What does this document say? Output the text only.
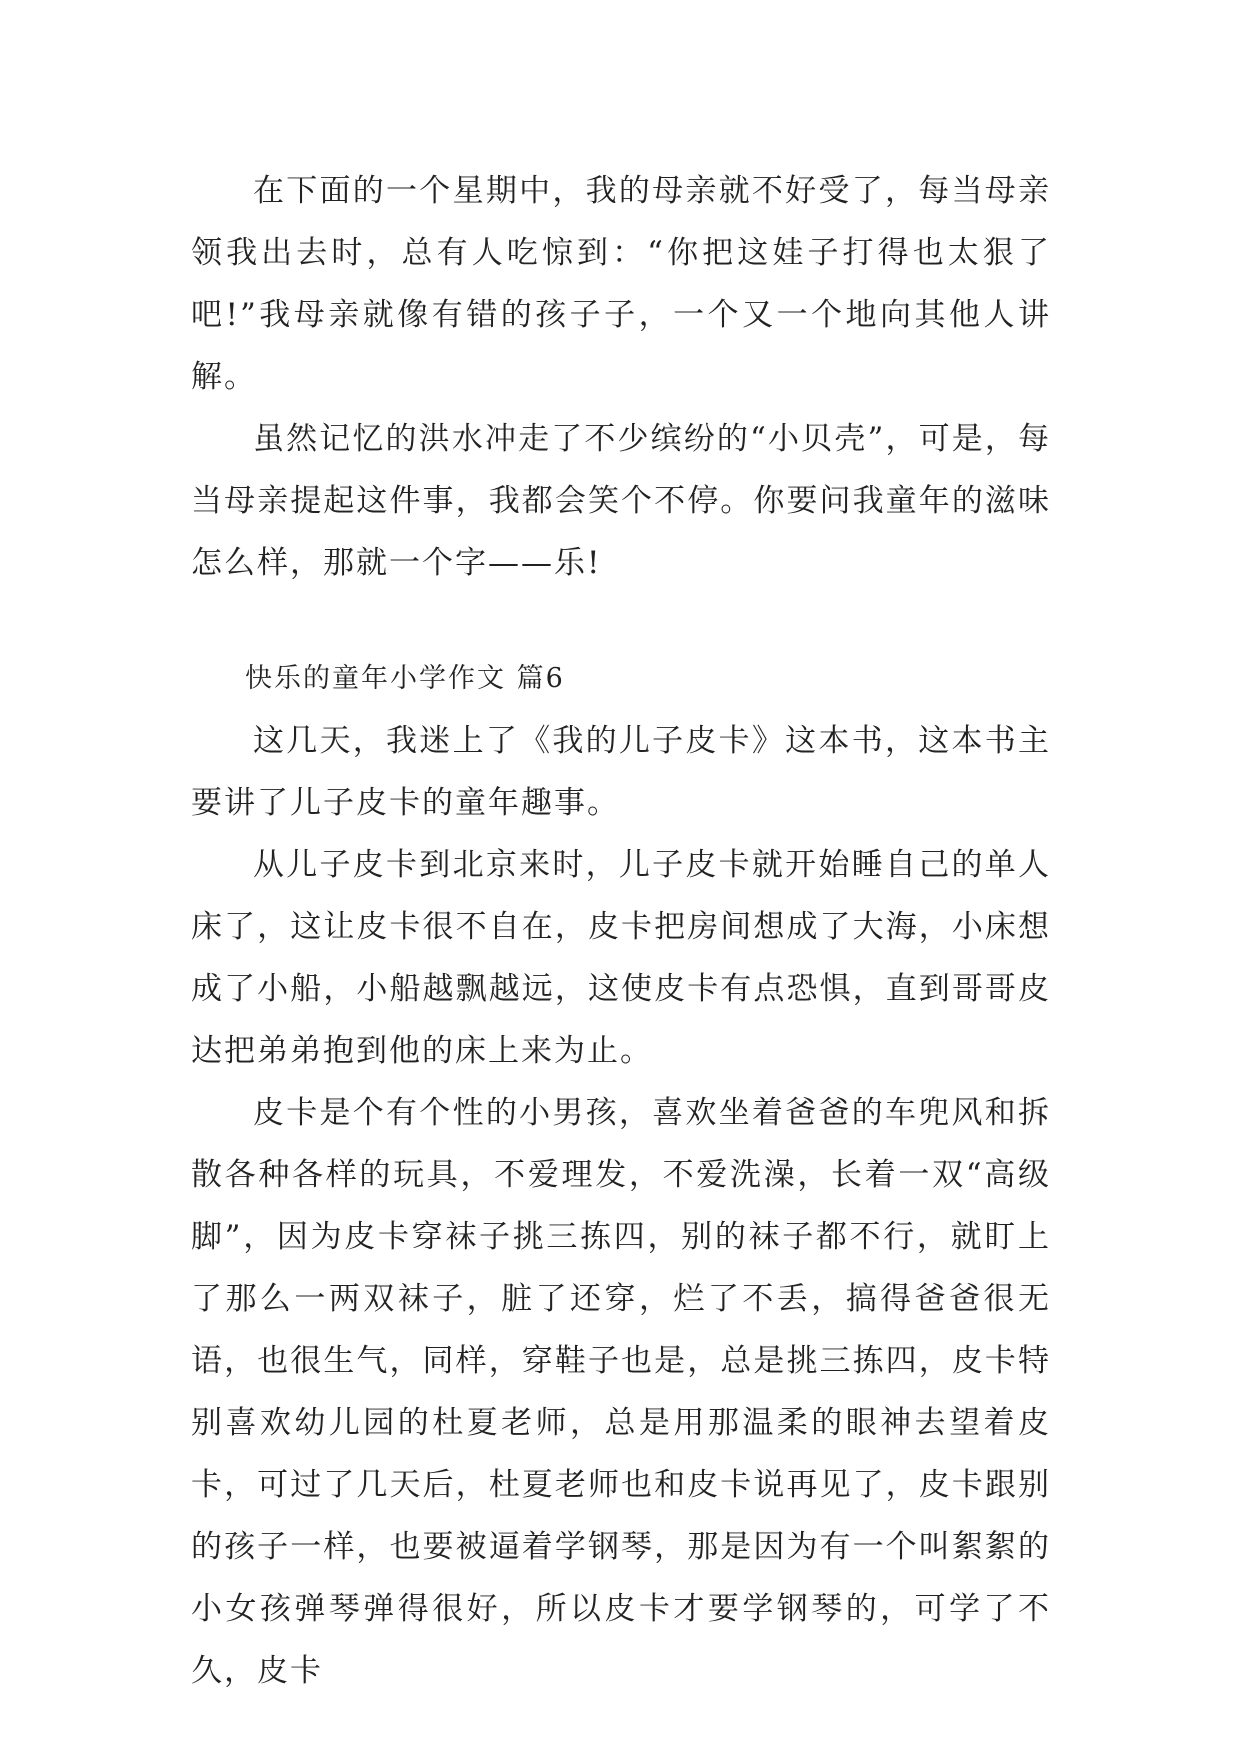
在下面的一个星期中，我的母亲就不好受了，每当母亲领我出去时，总有人吃惊到：“你把这娃子打得也太狠了吧!”我母亲就像有错的孩子子，一个又一个地向其他人讲解。

虽然记忆的洪水冲走了不少缤纷的“小贝壳”，可是，每当母亲提起这件事，我都会笑个不停。你要问我童年的滋味怎么样，那就一个字——乐!

快乐的童年小学作文 篇6

这几天，我迷上了《我的儿子皮卡》这本书，这本书主要讲了儿子皮卡的童年趣事。

从儿子皮卡到北京来时，儿子皮卡就开始睡自己的单人床了，这让皮卡很不自在，皮卡把房间想成了大海，小床想成了小船，小船越飘越远，这使皮卡有点恐惧，直到哥哥皮达把弟弟抱到他的床上来为止。

皮卡是个有个性的小男孩，喜欢坐着爸爸的车兜风和拆散各种各样的玩具，不爱理发，不爱洗澡，长着一双“高级脚”，因为皮卡穿袜子挑三拣四，别的袜子都不行，就盯上了那么一两双袜子，脏了还穿，烂了不丢，搞得爸爸很无语，也很生气，同样，穿鞋子也是，总是挑三拣四，皮卡特别喜欢幼儿园的杜夏老师，总是用那温柔的眼神去望着皮卡，可过了几天后，杜夏老师也和皮卡说再见了，皮卡跟别的孩子一样，也要被逼着学钢琴，那是因为有一个叫絮絮的小女孩弹琴弹得很好，所以皮卡才要学钢琴的，可学了不久，皮卡
